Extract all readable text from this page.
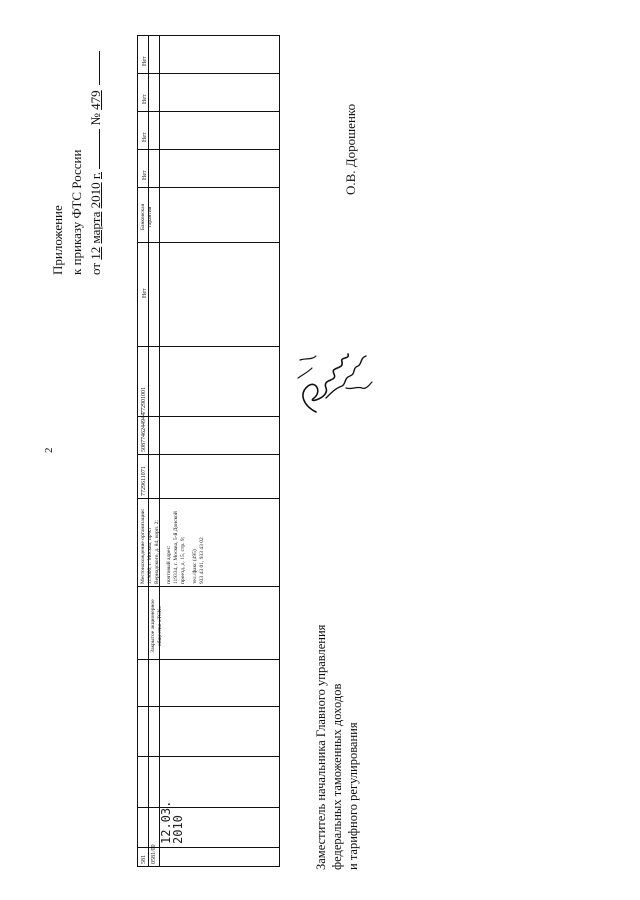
2
Приложение к приказу ФТС России от 12 марта 2010 г.  № 479
Нет
Нет
Нет
Нет
Банковская гарантия
Нет
772901001
5087746244944
7729611071
Местонахождение организации: 119606, г. Москва, пр-кт Вернадского, д. 84, корп. 2; почтовый адрес: 119334, г. Москва, 5-й Донской проезд, д. 15, стр. 9; тел./факс (495) 933 43 01, 933 43 02
Закрытое акционерное общество «ТСК»
12.03.
2010
0581/00
581
О.В. Дорошенко
Заместитель начальника Главного управления федеральных таможенных доходов и тарифного регулирования
